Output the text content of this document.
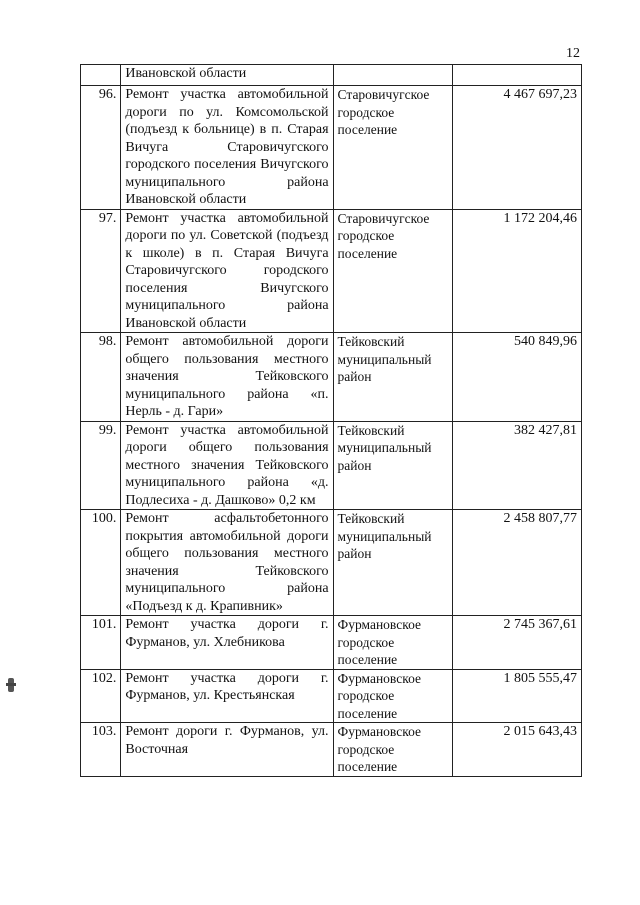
12
	Ивановской области		
96.	Ремонт участка автомобильной дороги по ул. Комсомольской (подъезд к больнице) в п. Старая Вичуга Старовичугского городского поселения Вичугского муниципального района Ивановской области	Старовичугское городское поселение	4 467 697,23
97.	Ремонт участка автомобильной дороги по ул. Советской (подъезд к школе) в п. Старая Вичуга Старовичугского городского поселения Вичугского муниципального района Ивановской области	Старовичугское городское поселение	1 172 204,46
98.	Ремонт автомобильной дороги общего пользования местного значения Тейковского муниципального района «п. Нерль - д. Гари»	Тейковский муниципальный район	540 849,96
99.	Ремонт участка автомобильной дороги общего пользования местного значения Тейковского муниципального района «д. Подлесиха - д. Дашково» 0,2 км	Тейковский муниципальный район	382 427,81
100.	Ремонт асфальтобетонного покрытия автомобильной дороги общего пользования местного значения Тейковского муниципального района «Подъезд к д. Крапивник»	Тейковский муниципальный район	2 458 807,77
101.	Ремонт участка дороги г. Фурманов, ул. Хлебникова	Фурмановское городское поселение	2 745 367,61
102.	Ремонт участка дороги г. Фурманов, ул. Крестьянская	Фурмановское городское поселение	1 805 555,47
103.	Ремонт дороги г. Фурманов, ул. Восточная	Фурмановское городское поселение	2 015 643,43
